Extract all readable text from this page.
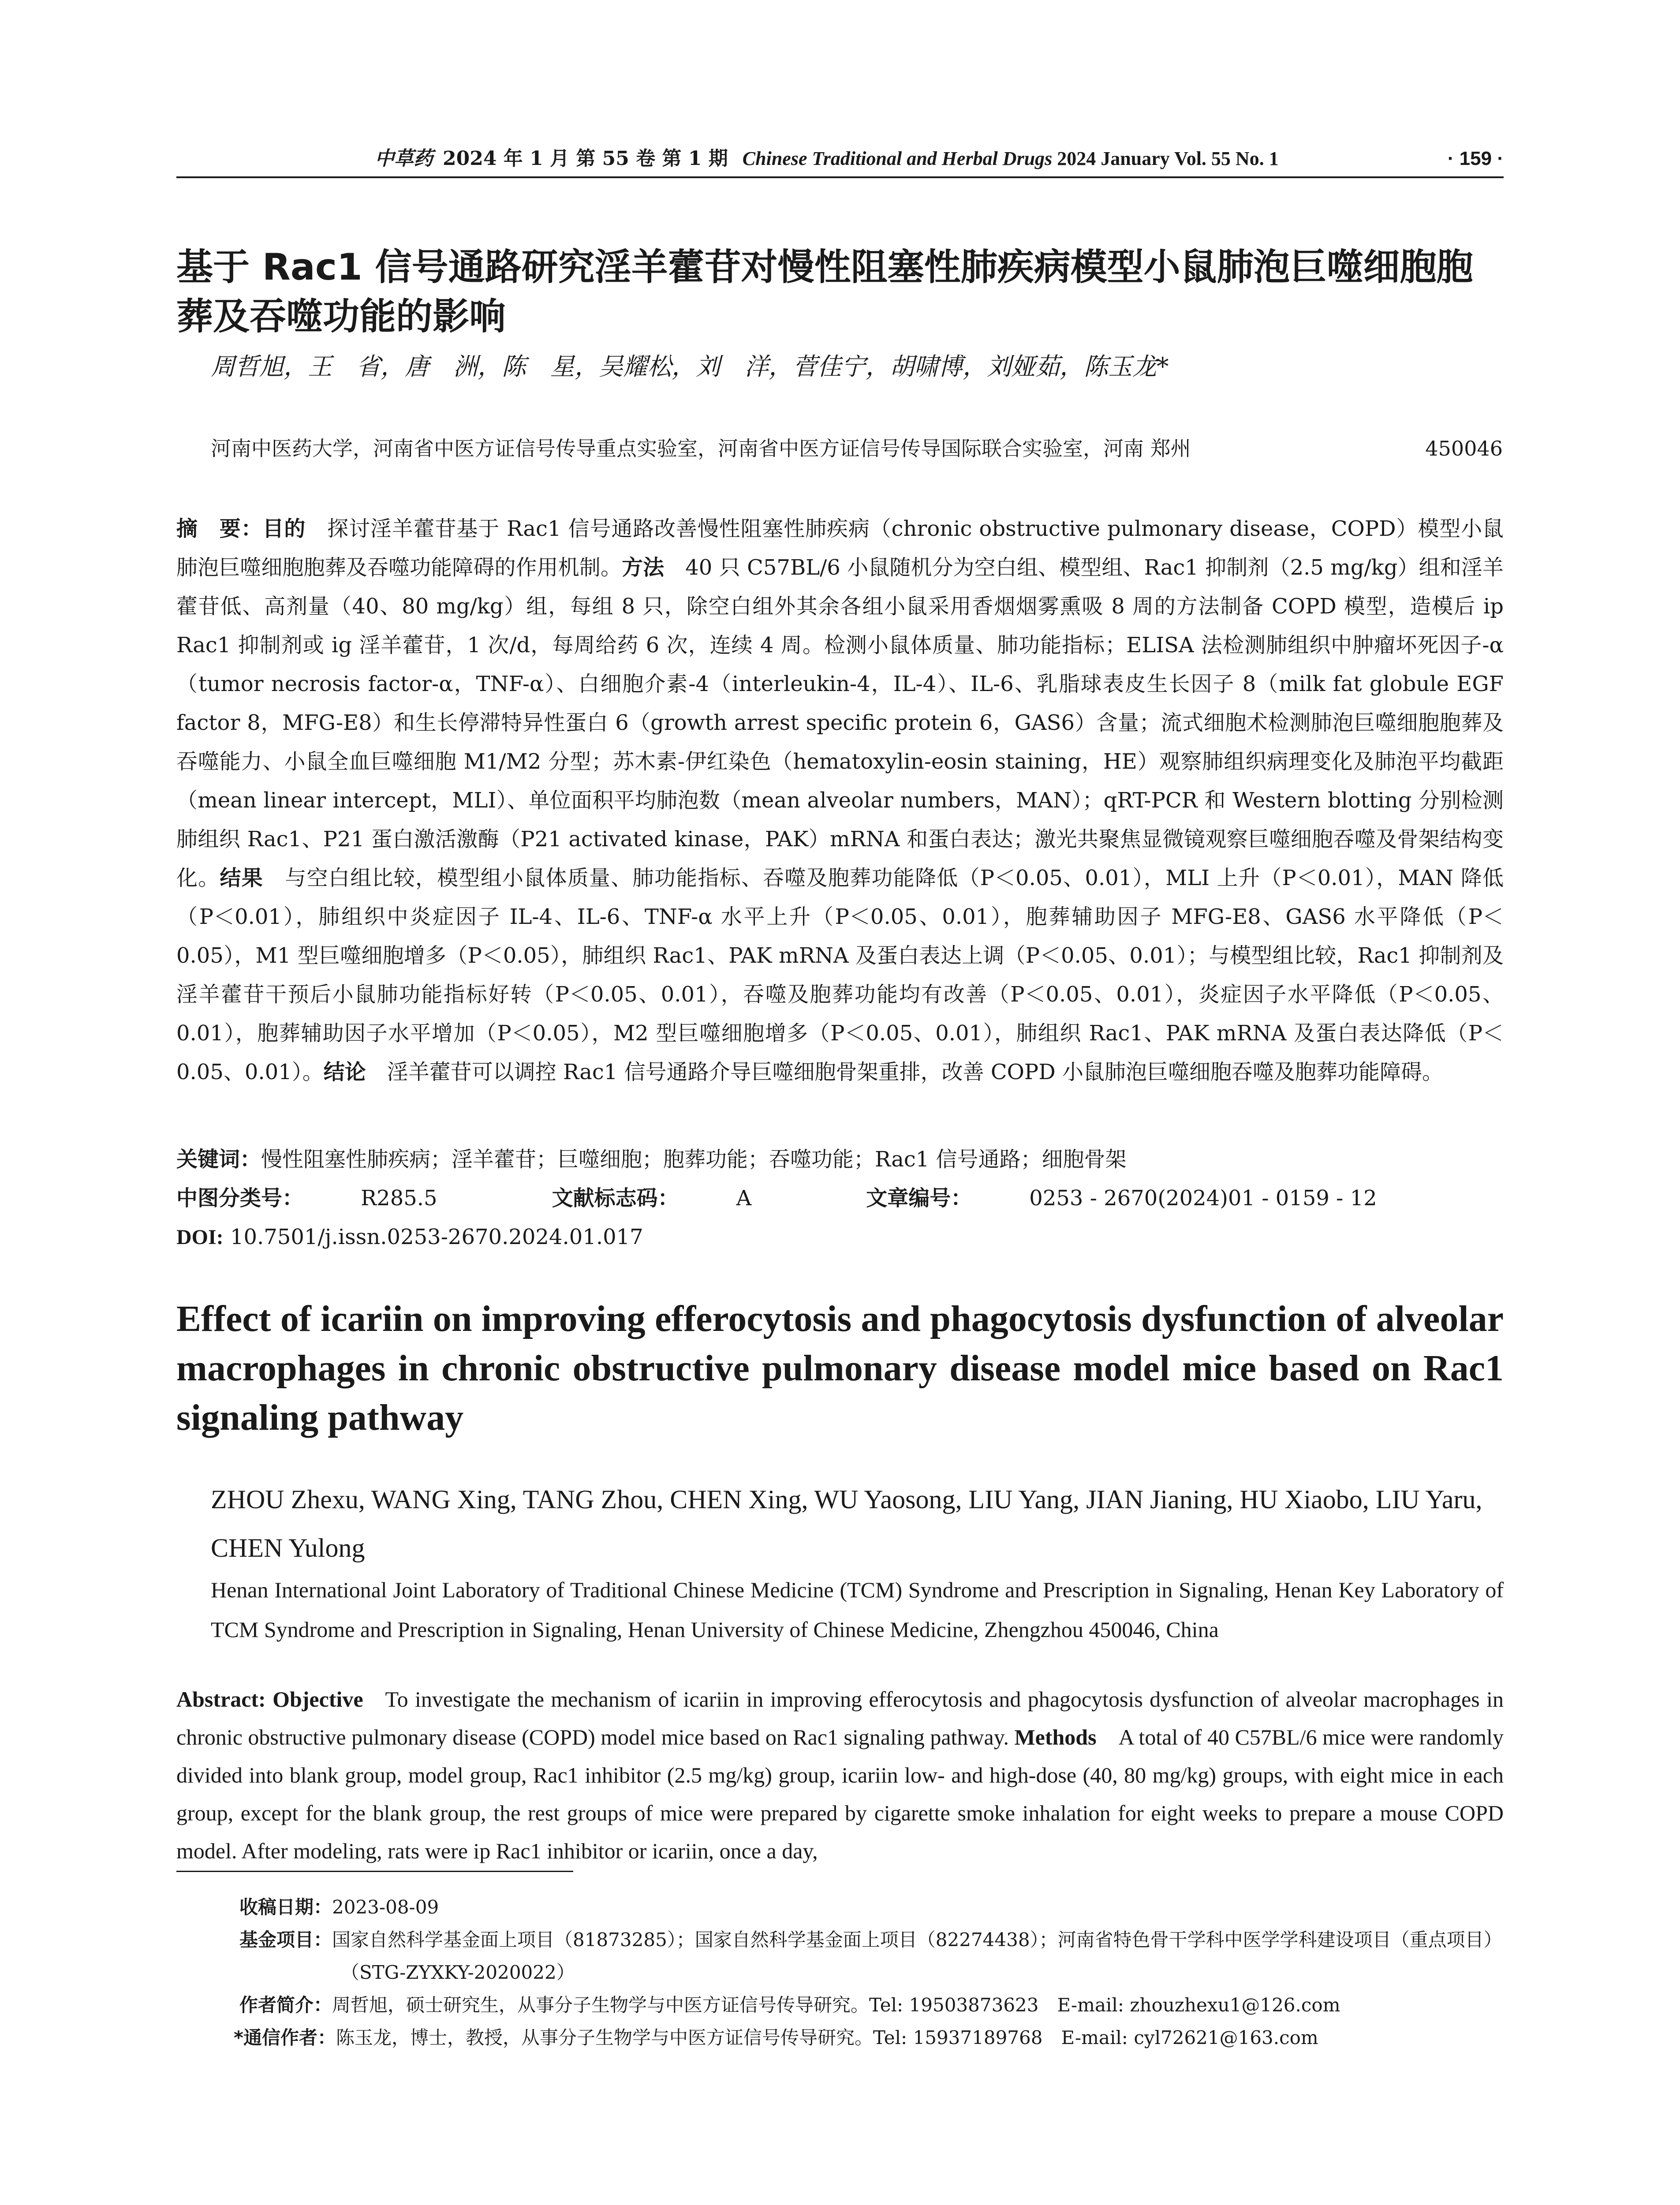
中草药 2024 年 1 月 第 55 卷 第 1 期 Chinese Traditional and Herbal Drugs 2024 January Vol. 55 No. 1	· 159 ·
基于 Rac1 信号通路研究淫羊藿苷对慢性阻塞性肺疾病模型小鼠肺泡巨噬细胞胞葬及吞噬功能的影响
周哲旭，王　省，唐　洲，陈　星，吴耀松，刘　洋，菅佳宁，胡啸博，刘娅茹，陈玉龙*
河南中医药大学，河南省中医方证信号传导重点实验室，河南省中医方证信号传导国际联合实验室，河南 郑州	450046
摘　要：目的  探讨淫羊藿苷基于 Rac1 信号通路改善慢性阻塞性肺疾病（chronic obstructive pulmonary disease，COPD）模型小鼠肺泡巨噬细胞胞葬及吞噬功能障碍的作用机制。方法  40 只 C57BL/6 小鼠随机分为空白组、模型组、Rac1 抑制剂（2.5 mg/kg）组和淫羊藿苷低、高剂量（40、80 mg/kg）组，每组 8 只，除空白组外其余各组小鼠采用香烟烟雾熏吸 8 周的方法制备 COPD 模型，造模后 ip Rac1 抑制剂或 ig 淫羊藿苷，1 次/d，每周给药 6 次，连续 4 周。检测小鼠体质量、肺功能指标；ELISA 法检测肺组织中肿瘤坏死因子-α（tumor necrosis factor-α，TNF-α）、白细胞介素-4（interleukin-4，IL-4）、IL-6、乳脂球表皮生长因子 8（milk fat globule EGF factor 8，MFG-E8）和生长停滞特异性蛋白 6（growth arrest specific protein 6，GAS6）含量；流式细胞术检测肺泡巨噬细胞胞葬及吞噬能力、小鼠全血巨噬细胞 M1/M2 分型；苏木素-伊红染色（hematoxylin-eosin staining，HE）观察肺组织病理变化及肺泡平均截距（mean linear intercept，MLI）、单位面积平均肺泡数（mean alveolar numbers，MAN）；qRT-PCR 和 Western blotting 分别检测肺组织 Rac1、P21 蛋白激活激酶（P21 activated kinase，PAK）mRNA 和蛋白表达；激光共聚焦显微镜观察巨噬细胞吞噬及骨架结构变化。结果  与空白组比较，模型组小鼠体质量、肺功能指标、吞噬及胞葬功能降低（P＜0.05、0.01），MLI 上升（P＜0.01），MAN 降低（P＜0.01），肺组织中炎症因子 IL-4、IL-6、TNF-α 水平上升（P＜0.05、0.01），胞葬辅助因子 MFG-E8、GAS6 水平降低（P＜0.05），M1 型巨噬细胞增多（P＜0.05），肺组织 Rac1、PAK mRNA 及蛋白表达上调（P＜0.05、0.01）；与模型组比较，Rac1 抑制剂及淫羊藿苷干预后小鼠肺功能指标好转（P＜0.05、0.01），吞噬及胞葬功能均有改善（P＜0.05、0.01），炎症因子水平降低（P＜0.05、0.01），胞葬辅助因子水平增加（P＜0.05），M2 型巨噬细胞增多（P＜0.05、0.01），肺组织 Rac1、PAK mRNA 及蛋白表达降低（P＜0.05、0.01）。结论  淫羊藿苷可以调控 Rac1 信号通路介导巨噬细胞骨架重排，改善 COPD 小鼠肺泡巨噬细胞吞噬及胞葬功能障碍。
关键词：慢性阻塞性肺疾病；淫羊藿苷；巨噬细胞；胞葬功能；吞噬功能；Rac1 信号通路；细胞骨架
中图分类号：	R285.5	文献标志码：	A	文章编号：	0253 - 2670(2024)01 - 0159 - 12
DOI: 10.7501/j.issn.0253-2670.2024.01.017
Effect of icariin on improving efferocytosis and phagocytosis dysfunction of alveolar macrophages in chronic obstructive pulmonary disease model mice based on Rac1 signaling pathway
ZHOU Zhexu, WANG Xing, TANG Zhou, CHEN Xing, WU Yaosong, LIU Yang, JIAN Jianing, HU Xiaobo, LIU Yaru, CHEN Yulong
Henan International Joint Laboratory of Traditional Chinese Medicine (TCM) Syndrome and Prescription in Signaling, Henan Key Laboratory of TCM Syndrome and Prescription in Signaling, Henan University of Chinese Medicine, Zhengzhou 450046, China
Abstract: Objective  To investigate the mechanism of icariin in improving efferocytosis and phagocytosis dysfunction of alveolar macrophages in chronic obstructive pulmonary disease (COPD) model mice based on Rac1 signaling pathway. Methods  A total of 40 C57BL/6 mice were randomly divided into blank group, model group, Rac1 inhibitor (2.5 mg/kg) group, icariin low- and high-dose (40, 80 mg/kg) groups, with eight mice in each group, except for the blank group, the rest groups of mice were prepared by cigarette smoke inhalation for eight weeks to prepare a mouse COPD model. After modeling, rats were ip Rac1 inhibitor or icariin, once a day,
收稿日期：2023-08-09
基金项目：国家自然科学基金面上项目（81873285）；国家自然科学基金面上项目（82274438）；河南省特色骨干学科中医学学科建设项目（重点项目）（STG-ZYXKY-2020022）
作者简介：周哲旭，硕士研究生，从事分子生物学与中医方证信号传导研究。Tel: 19503873623　E-mail: zhouzhexu1@126.com
*通信作者：陈玉龙，博士，教授，从事分子生物学与中医方证信号传导研究。Tel: 15937189768　E-mail: cyl72621@163.com
